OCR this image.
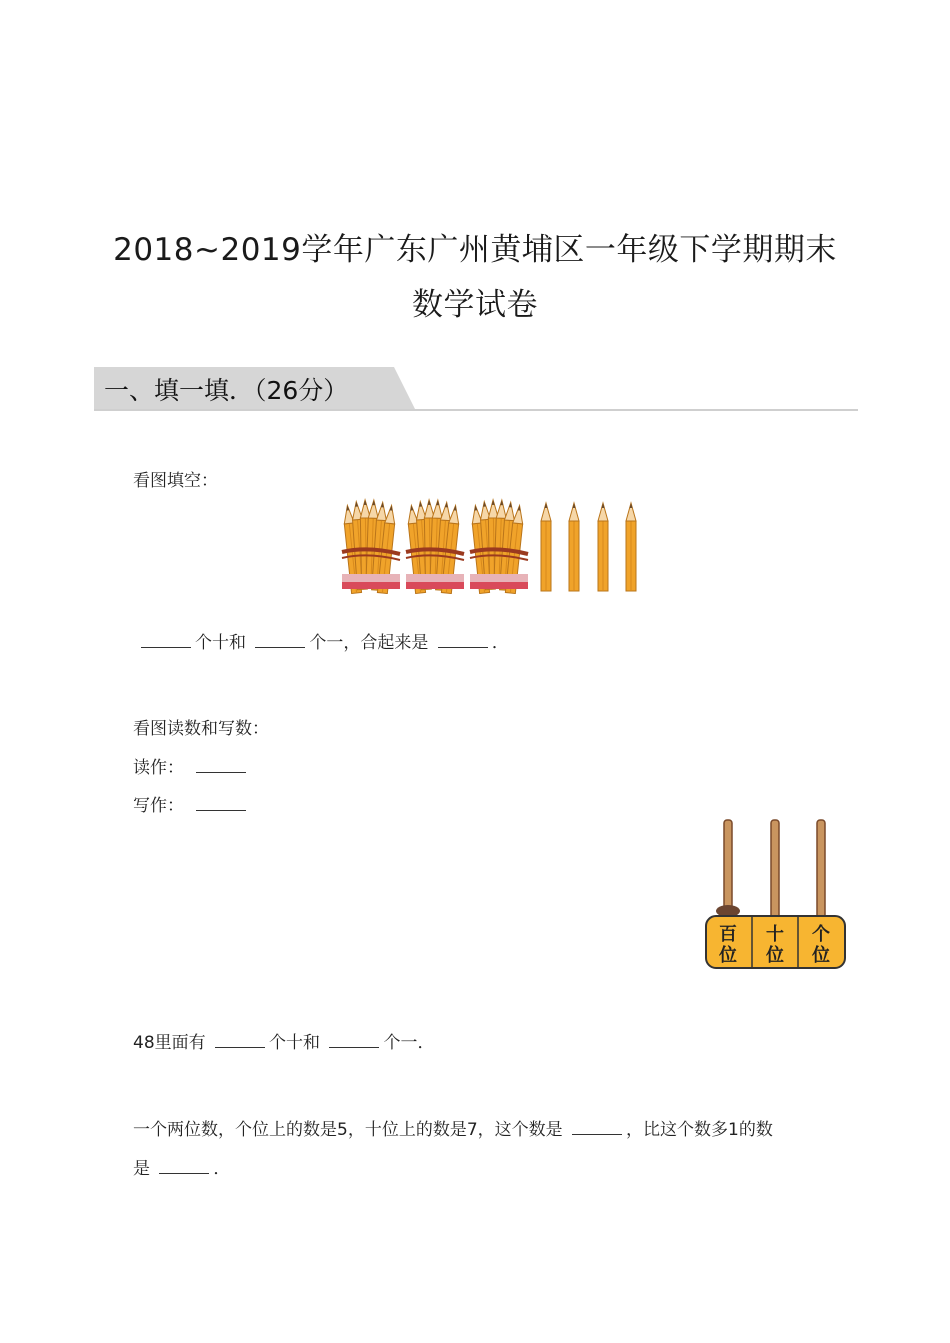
2018~2019学年广东广州黄埔区一年级下学期期末
数学试卷
一、填一填．（26分）
看图填空：
个十和	个一，合起来是	．
看图读数和写数：
读作：
写作：
百
位
十
位
个
位
48里面有	个十和	个一．
一个两位数，个位上的数是5，十位上的数是7，这个数是	，比这个数多1的数
是	．
